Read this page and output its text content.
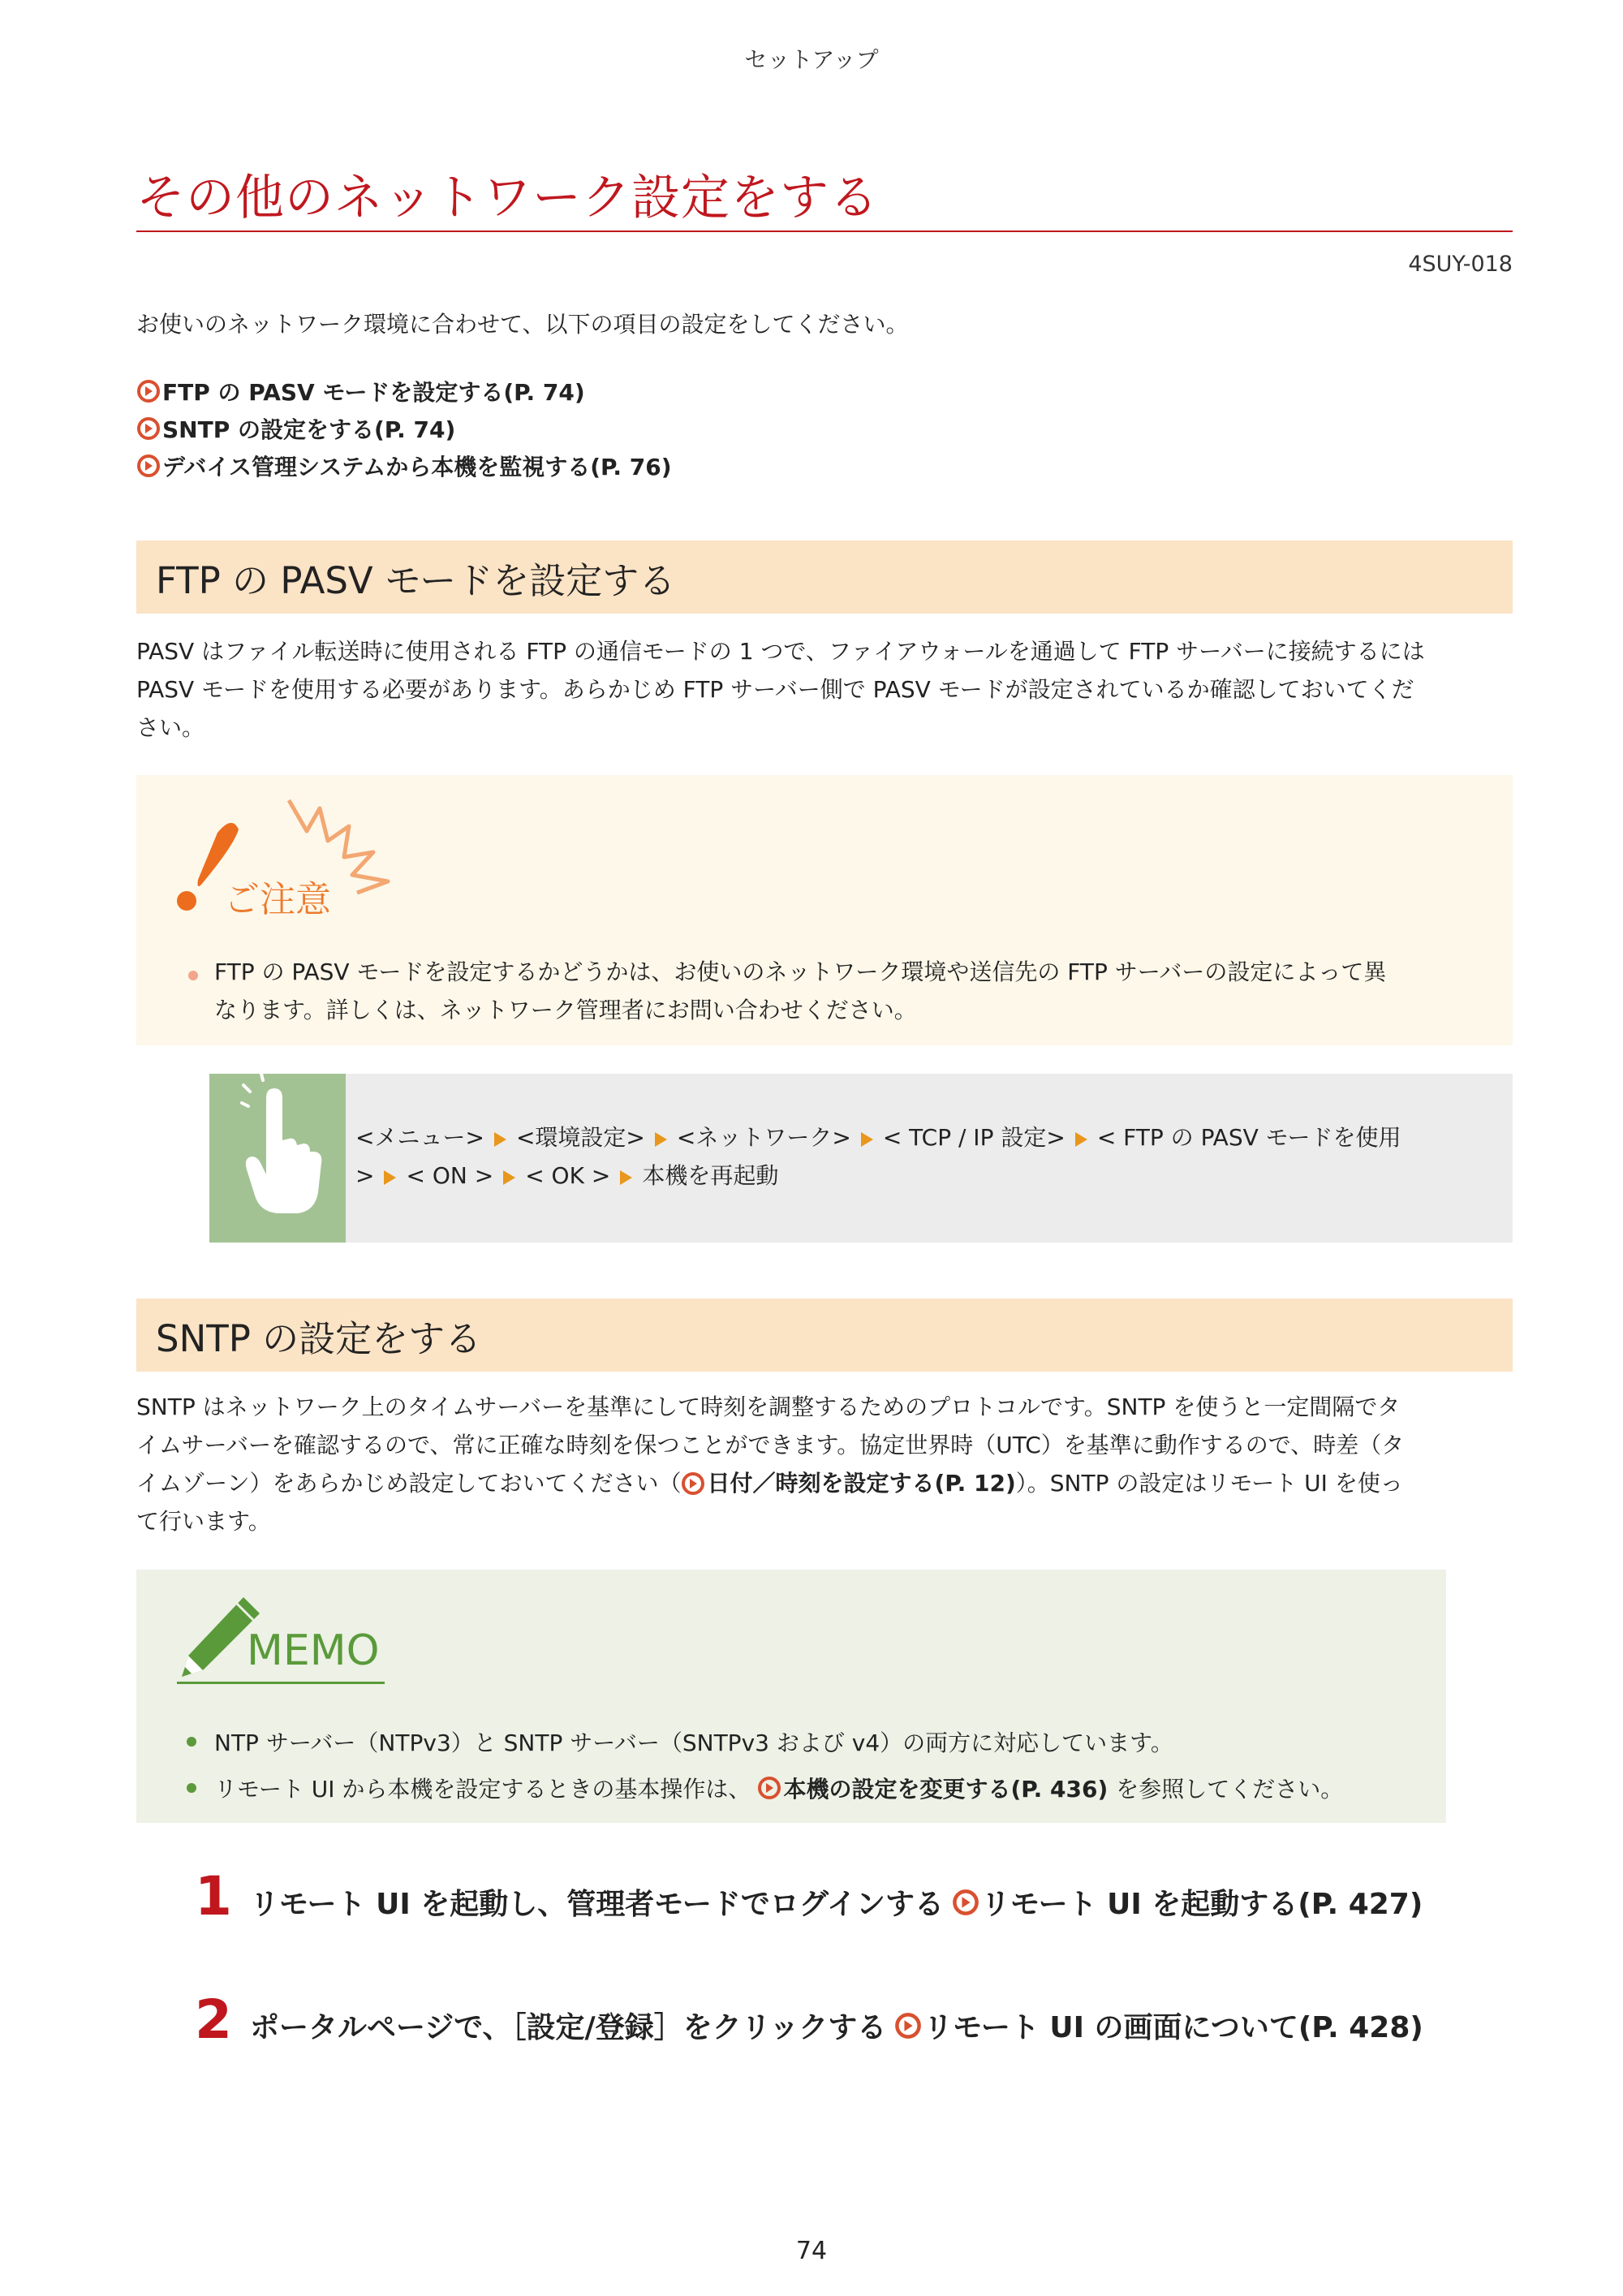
セットアップ
その他のネットワーク設定をする
4SUY-018
お使いのネットワーク環境に合わせて、以下の項目の設定をしてください。
FTP の PASV モードを設定する(P. 74)
SNTP の設定をする(P. 74)
デバイス管理システムから本機を監視する(P. 76)
FTP の PASV モードを設定する
PASV はファイル転送時に使用される FTP の通信モードの 1 つで、ファイアウォールを通過して FTP サーバーに接続するには
PASV モードを使用する必要があります。あらかじめ FTP サーバー側で PASV モードが設定されているか確認しておいてくだ
さい。
ご注意
FTP の PASV モードを設定するかどうかは、お使いのネットワーク環境や送信先の FTP サーバーの設定によって異
なります。詳しくは、ネットワーク管理者にお問い合わせください。
<メニュー> <環境設定> <ネットワーク> < TCP / IP 設定> < FTP の PASV モードを使用
> < ON > < OK > 本機を再起動
SNTP の設定をする
SNTP はネットワーク上のタイムサーバーを基準にして時刻を調整するためのプロトコルです。SNTP を使うと一定間隔でタ
イムサーバーを確認するので、常に正確な時刻を保つことができます。協定世界時（UTC）を基準に動作するので、時差（タ
イムゾーン）をあらかじめ設定しておいてください（ 日付／時刻を設定する(P. 12) ）。SNTP の設定はリモート UI を使っ
て行います。
MEMO
NTP サーバー（NTPv3）と SNTP サーバー（SNTPv3 および v4）の両方に対応しています。
リモート UI から本機を設定するときの基本操作は、 本機の設定を変更する(P. 436) を参照してください。
1 リモート UI を起動し、管理者モードでログインする リモート UI を起動する(P. 427)
2 ポータルページで、［設定/登録］をクリックする リモート UI の画面について(P. 428)
74
